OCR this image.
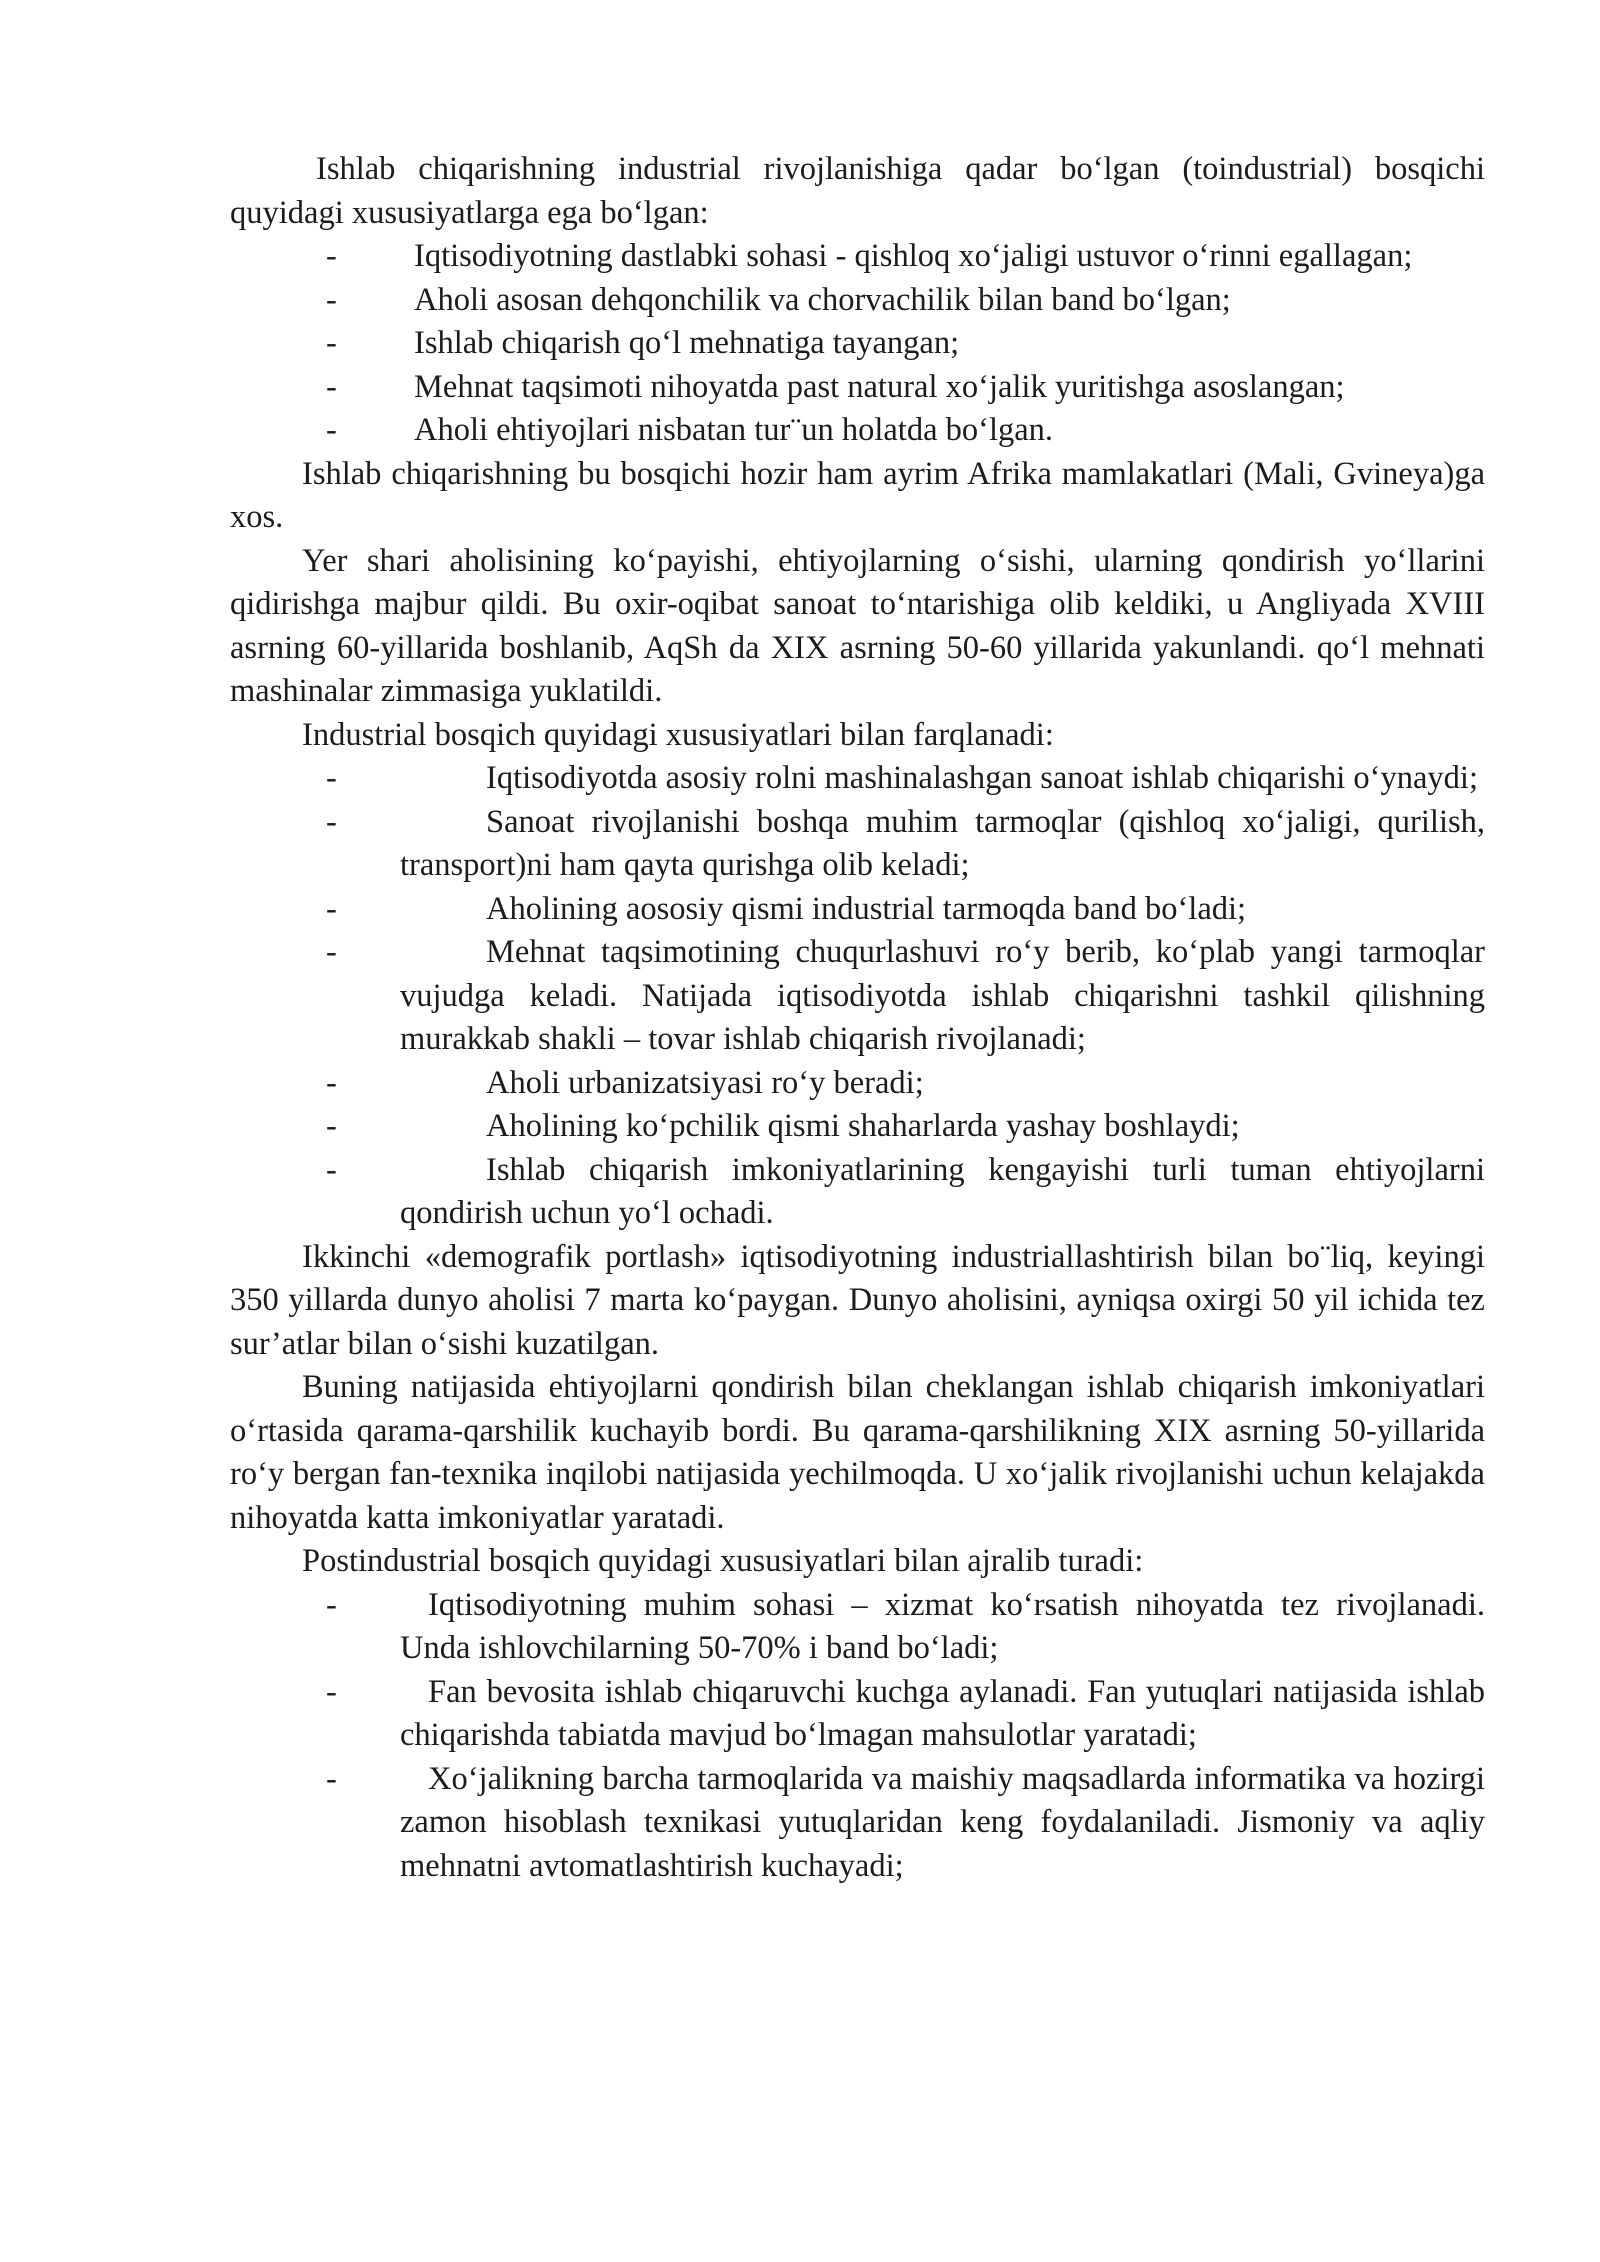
Ishlab chiqarishning industrial rivojlanishiga qadar bo‘lgan (toindustrial) bosqichi quyidagi xususiyatlarga ega bo‘lgan:

-	Iqtisodiyotning dastlabki sohasi - qishloq xo‘jaligi ustuvor o‘rinni egallagan;
-	Aholi asosan dehqonchilik va chorvachilik bilan band bo‘lgan;
-	Ishlab chiqarish qo‘l mehnatiga tayangan;
-	Mehnat taqsimoti nihoyatda past natural xo‘jalik yuritishga asoslangan;
-	Aholi ehtiyojlari nisbatan tur¨un holatda bo‘lgan.

Ishlab chiqarishning bu bosqichi hozir ham ayrim Afrika mamlakatlari (Mali, Gvineya)ga xos.

Yer shari aholisining ko‘payishi, ehtiyojlarning o‘sishi, ularning qondirish yo‘llarini qidirishga majbur qildi. Bu oxir-oqibat sanoat to‘ntarishiga olib keldiki, u Angliyada XVIII asrning 60-yillarida boshlanib, AqSh da XIX asrning 50-60 yillarida yakunlandi. qo‘l mehnati mashinalar zimmasiga yuklatildi.

Industrial bosqich quyidagi xususiyatlari bilan farqlanadi:

-	Iqtisodiyotda asosiy rolni mashinalashgan sanoat ishlab chiqarishi o‘ynaydi;
-	Sanoat rivojlanishi boshqa muhim tarmoqlar (qishloq xo‘jaligi, qurilish, transport)ni ham qayta qurishga olib keladi;
-	Aholining aososiy qismi industrial tarmoqda band bo‘ladi;
-	Mehnat taqsimotining chuqurlashuvi ro‘y berib, ko‘plab yangi tarmoqlar vujudga keladi. Natijada iqtisodiyotda ishlab chiqarishni tashkil qilishning murakkab shakli – tovar ishlab chiqarish rivojlanadi;
-	Aholi urbanizatsiyasi ro‘y beradi;
-	Aholining ko‘pchilik qismi shaharlarda yashay boshlaydi;
-	Ishlab chiqarish imkoniyatlarining kengayishi turli tuman ehtiyojlarni qondirish uchun yo‘l ochadi.

Ikkinchi «demografik portlash» iqtisodiyotning industriallashtirish bilan bo¨liq, keyingi 350 yillarda dunyo aholisi 7 marta ko‘paygan. Dunyo aholisini, ayniqsa oxirgi 50 yil ichida tez sur’atlar bilan o‘sishi kuzatilgan.

Buning natijasida ehtiyojlarni qondirish bilan cheklangan ishlab chiqarish imkoniyatlari o‘rtasida qarama-qarshilik kuchayib bordi. Bu qarama-qarshilikning XIX asrning 50-yillarida ro‘y bergan fan-texnika inqilobi natijasida yechilmoqda. U xo‘jalik rivojlanishi uchun kelajakda nihoyatda katta imkoniyatlar yaratadi.

Postindustrial bosqich quyidagi xususiyatlari bilan ajralib turadi:

-	Iqtisodiyotning muhim sohasi – xizmat ko‘rsatish nihoyatda tez rivojlanadi. Unda ishlovchilarning 50-70% i band bo‘ladi;
-	Fan bevosita ishlab chiqaruvchi kuchga aylanadi. Fan yutuqlari natijasida ishlab chiqarishda tabiatda mavjud bo‘lmagan mahsulotlar yaratadi;
-	Xo‘jalikning barcha tarmoqlarida va maishiy maqsadlarda informatika va hozirgi zamon hisoblash texnikasi yutuqlaridan keng foydalaniladi. Jismoniy va aqliy mehnatni avtomatlashtirish kuchayadi;
